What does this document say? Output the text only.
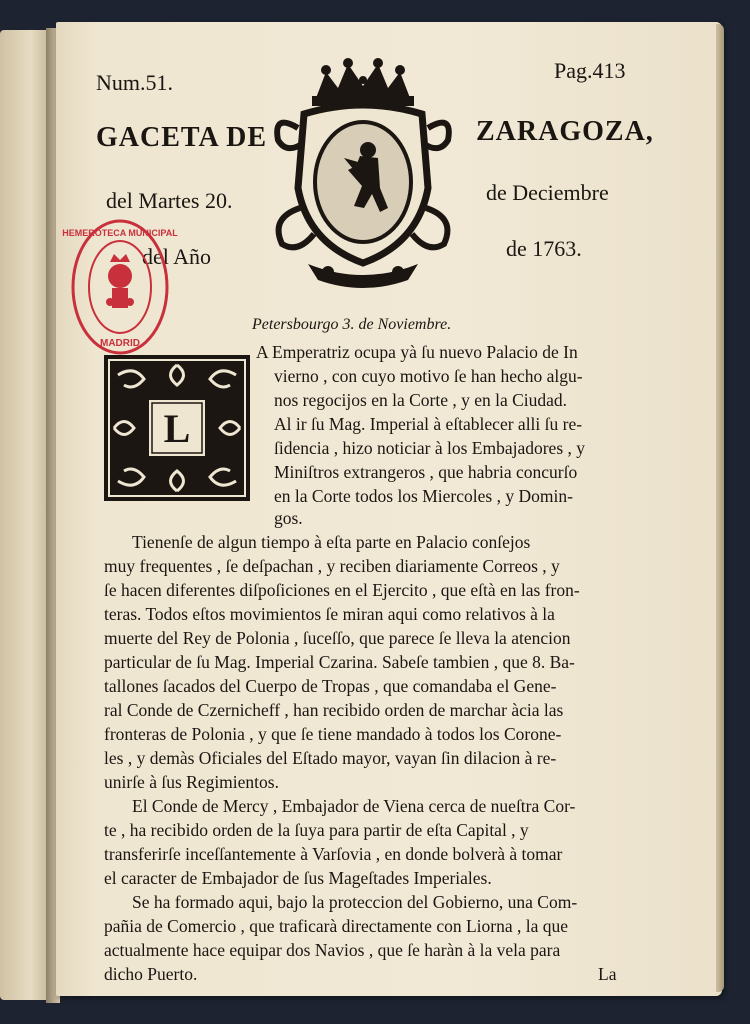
Num.51.	Pag.413
GACETA DE	ZARAGOZA,
del Martes 20.	de Deciembre
del Año	de 1763.
HEMEROTECA MUNICIPAL
MADRID
Petersbourgo 3. de Noviembre.
L
A Emperatriz ocupa yà ſu nuevo Palacio de In
vierno , con cuyo motivo ſe han hecho algu-
nos regocijos en la Corte , y en la Ciudad.
Al ir ſu Mag. Imperial à eſtablecer alli ſu re-
ſidencia , hizo noticiar à los Embajadores , y
Miniſtros extrangeros , que habria concurſo
en la Corte todos los Miercoles , y Domin-
gos.
Tienenſe de algun tiempo à eſta parte en Palacio conſejos
muy frequentes , ſe deſpachan , y reciben diariamente Correos , y
ſe hacen diferentes diſpoſiciones en el Ejercito , que eſtà en las fron-
teras. Todos eſtos movimientos ſe miran aqui como relativos à la
muerte del Rey de Polonia , ſuceſſo, que parece ſe lleva la atencion
particular de ſu Mag. Imperial Czarina. Sabeſe tambien , que 8. Ba-
tallones ſacados del Cuerpo de Tropas , que comandaba el Gene-
ral Conde de Czernicheff , han recibido orden de marchar àcia las
fronteras de Polonia , y que ſe tiene mandado à todos los Corone-
les , y demàs Oficiales del Eſtado mayor, vayan ſin dilacion à re-
unirſe à ſus Regimientos.
El Conde de Mercy , Embajador de Viena cerca de nueſtra Cor-
te , ha recibido orden de la ſuya para partir de eſta Capital , y
transferirſe inceſſantemente à Varſovia , en donde bolverà à tomar
el caracter de Embajador de ſus Mageſtades Imperiales.
Se ha formado aqui, bajo la proteccion del Gobierno, una Com-
pañia de Comercio , que traficarà directamente con Liorna , la que
actualmente hace equipar dos Navios , que ſe haràn à la vela para
dicho Puerto.	La
